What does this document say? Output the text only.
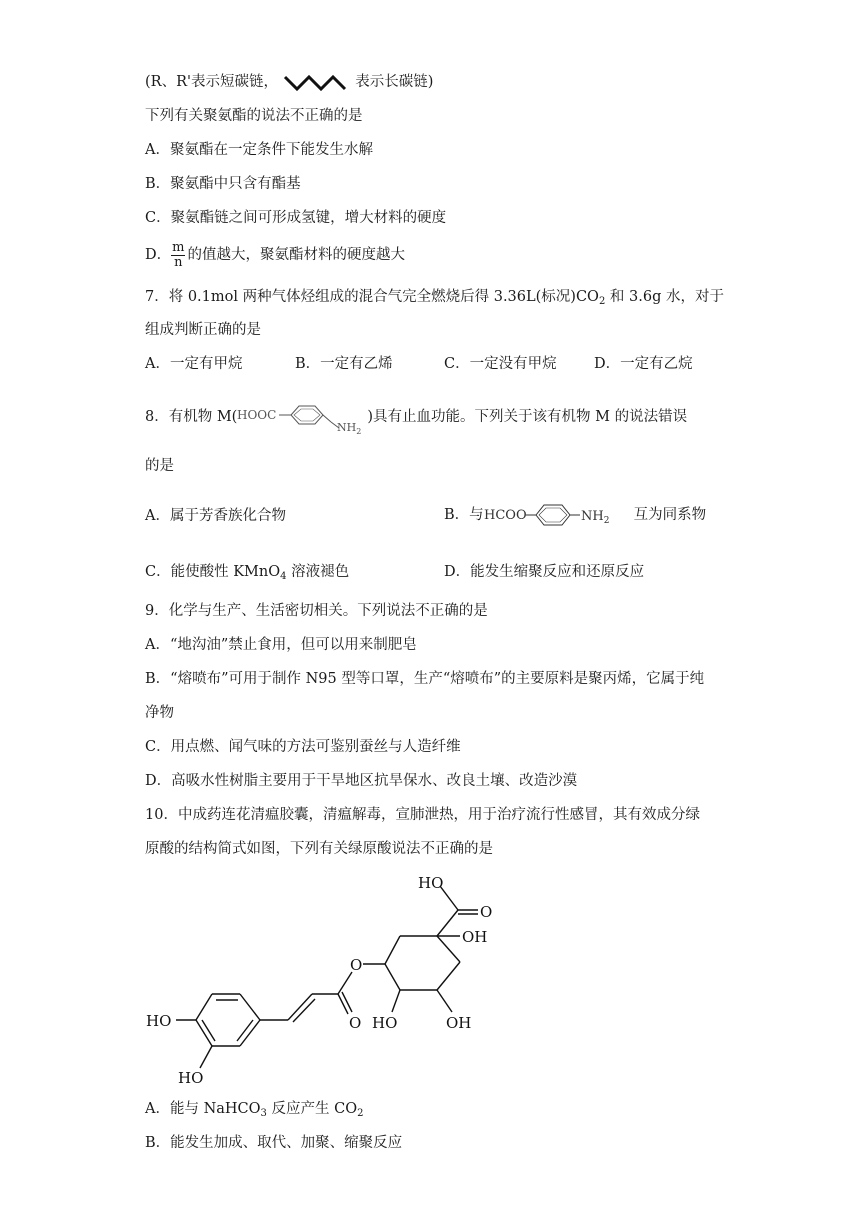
(R、R'表示短碳链，	表示长碳链)
下列有关聚氨酯的说法不正确的是
A．聚氨酯在一定条件下能发生水解
B．聚氨酯中只含有酯基
C．聚氨酯链之间可形成氢键，增大材料的硬度
D． $\frac{m}{n}$ 的值越大，聚氨酯材料的硬度越大
7．将 0.1mol 两种气体烃组成的混合气完全燃烧后得 3.36L(标况)$CO_2$ 和 3.6g 水，对于
组成判断正确的是
A．一定有甲烷	B．一定有乙烯	C．一定没有甲烷	D．一定有乙烷
8．有机物 M( HOOC
$NH_2$
)具有止血功能。下列关于该有机物 M 的说法错误
的是
A．属于芳香族化合物	B．与 HCOO	$NH_2$ 互为同系物
C．能使酸性 KMnO$_4$ 溶液褪色	D．能发生缩聚反应和还原反应
9．化学与生产、生活密切相关。下列说法不正确的是
A．“地沟油”禁止食用，但可以用来制肥皂
B．“熔喷布”可用于制作 N95 型等口罩，生产“熔喷布”的主要原料是聚丙烯，它属于纯
净物
C．用点燃、闻气味的方法可鉴别蚕丝与人造纤维
D．高吸水性树脂主要用于干旱地区抗旱保水、改良土壤、改造沙漠
10．中成药连花清瘟胶囊，清瘟解毒，宣肺泄热，用于治疗流行性感冒，其有效成分绿
原酸的结构简式如图，下列有关绿原酸说法不正确的是
HO
O
OH
O
HO	O HO	OH
HO
A．能与 NaHCO$_3$ 反应产生 $CO_2$
B．能发生加成、取代、加聚、缩聚反应
